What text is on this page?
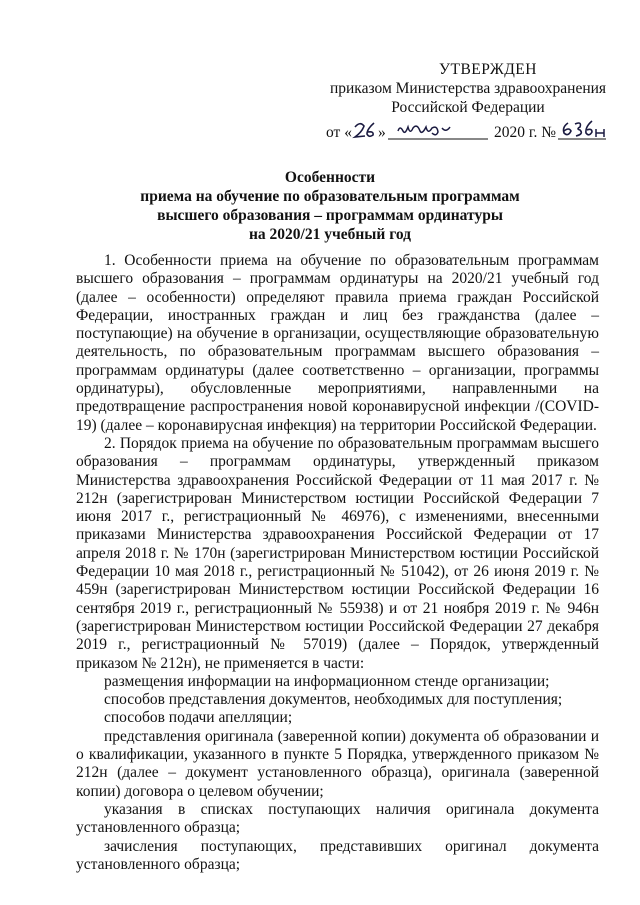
УТВЕРЖДЕН
приказом Министерства здравоохранения
Российской Федерации
от « »	2020 г. №
Особенности
приема на обучение по образовательным программам
высшего образования – программам ординатуры
на 2020/21 учебный год

1. Особенности приема на обучение по образовательным программам высшего образования – программам ординатуры на 2020/21 учебный год (далее – особенности) определяют правила приема граждан Российской Федерации, иностранных граждан и лиц без гражданства (далее – поступающие) на обучение в организации, осуществляющие образовательную деятельность, по образовательным программам высшего образования – программам ординатуры (далее соответственно – организации, программы ординатуры), обусловленные мероприятиями, направленными на предотвращение распространения новой коронавирусной инфекции /(COVID-19) (далее – коронавирусная инфекция) на территории Российской Федерации.

2. Порядок приема на обучение по образовательным программам высшего образования – программам ординатуры, утвержденный приказом Министерства здравоохранения Российской Федерации от 11 мая 2017 г. № 212н (зарегистрирован Министерством юстиции Российской Федерации 7 июня 2017 г., регистрационный № 46976), с изменениями, внесенными приказами Министерства здравоохранения Российской Федерации от 17 апреля 2018 г. № 170н (зарегистрирован Министерством юстиции Российской Федерации 10 мая 2018 г., регистрационный № 51042), от 26 июня 2019 г. № 459н (зарегистрирован Министерством юстиции Российской Федерации 16 сентября 2019 г., регистрационный № 55938) и от 21 ноября 2019 г. № 946н (зарегистрирован Министерством юстиции Российской Федерации 27 декабря 2019 г., регистрационный № 57019) (далее – Порядок, утвержденный приказом № 212н), не применяется в части:

размещения информации на информационном стенде организации;

способов представления документов, необходимых для поступления;

способов подачи апелляции;

представления оригинала (заверенной копии) документа об образовании и о квалификации, указанного в пункте 5 Порядка, утвержденного приказом № 212н (далее – документ установленного образца), оригинала (заверенной копии) договора о целевом обучении;

указания в списках поступающих наличия оригинала документа установленного образца;

зачисления поступающих, представивших оригинал документа установленного образца;
